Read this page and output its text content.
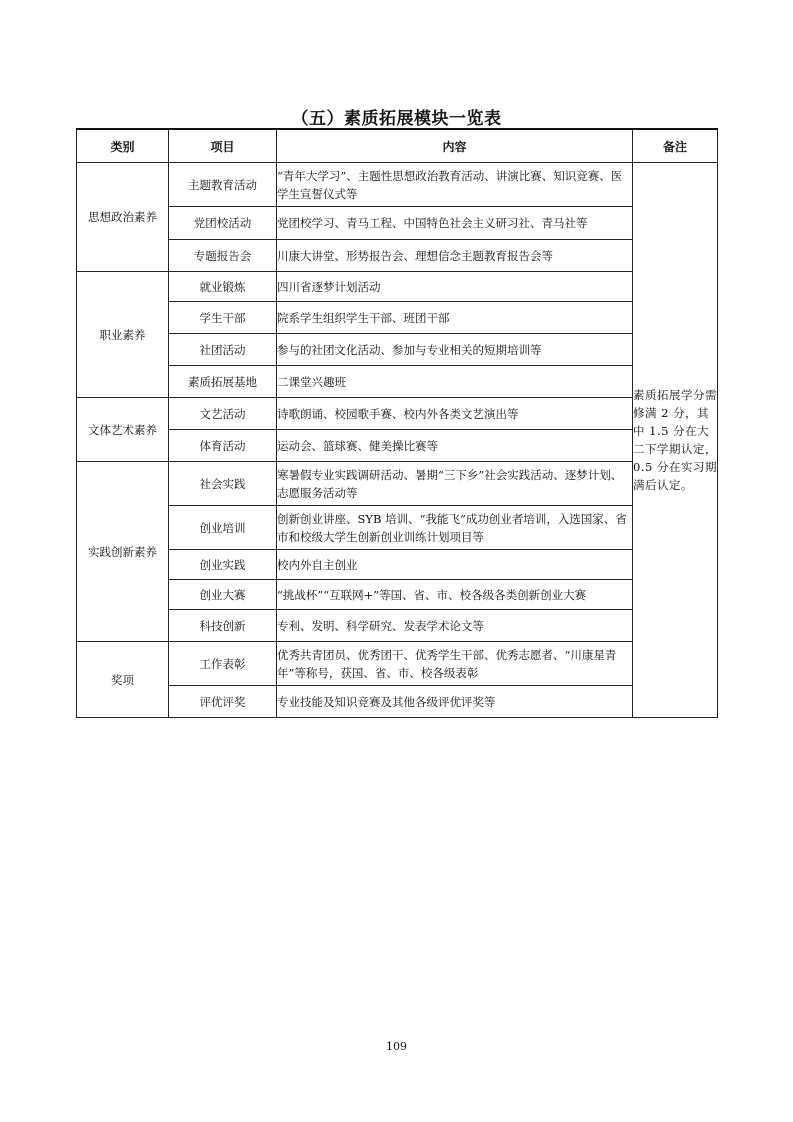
（五）素质拓展模块一览表
类别	项目	内容	备注
思想政治素养	主题教育活动	“青年大学习”、主题性思想政治教育活动、讲演比赛、知识竞赛、医学生宣誓仪式等	素质拓展学分需修满 2 分，其中 1.5 分在大二下学期认定，0.5 分在实习期满后认定。
	党团校活动	党团校学习、青马工程、中国特色社会主义研习社、青马社等	
	专题报告会	川康大讲堂、形势报告会、理想信念主题教育报告会等	
职业素养	就业锻炼	四川省逐梦计划活动	
	学生干部	院系学生组织学生干部、班团干部	
	社团活动	参与的社团文化活动、参加与专业相关的短期培训等	
	素质拓展基地	二课堂兴趣班	
文体艺术素养	文艺活动	诗歌朗诵、校园歌手赛、校内外各类文艺演出等	
	体育活动	运动会、篮球赛、健美操比赛等	
实践创新素养	社会实践	寒暑假专业实践调研活动、暑期“三下乡”社会实践活动、逐梦计划、志愿服务活动等	
	创业培训	创新创业讲座、SYB 培训、“我能飞”成功创业者培训，入选国家、省市和校级大学生创新创业训练计划项目等	
	创业实践	校内外自主创业	
	创业大赛	“挑战杯”“互联网+”等国、省、市、校各级各类创新创业大赛	
	科技创新	专利、发明、科学研究、发表学术论文等	
奖项	工作表彰	优秀共青团员、优秀团干、优秀学生干部、优秀志愿者、“川康星青年”等称号，获国、省、市、校各级表彰	
	评优评奖	专业技能及知识竞赛及其他各级评优评奖等	
109
